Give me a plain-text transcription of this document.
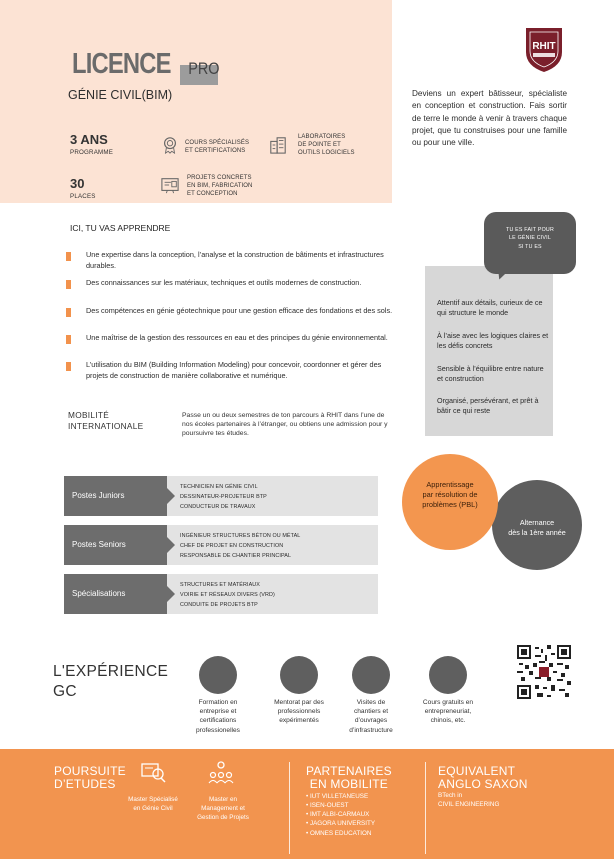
LICENCE	PRO
GÉNIE CIVIL(BIM)
3 ANS
PROGRAMME
30
PLACES
COURS SPÉCIALISÉS
ET CERTIFICATIONS
LABORATOIRES
DE POINTE ET
OUTILS LOGICIELS
PROJETS CONCRETS
EN BIM, FABRICATION
ET CONCEPTION
RHIT
Deviens un expert bâtisseur, spécialiste en conception et construction. Fais sortir de terre le monde à venir à travers chaque projet, que tu construises pour une famille ou pour une ville.
ICI, TU VAS APPRENDRE
Une expertise dans la conception, l’analyse et la construction de bâtiments et infrastructures durables.
Des connaissances sur les matériaux, techniques et outils modernes de construction.
Des compétences en génie géotechnique pour une gestion efficace des fondations et des sols.
Une maîtrise de la gestion des ressources en eau et des principes du génie environnemental.
L’utilisation du BIM (Building Information Modeling) pour concevoir, coordonner et gérer des projets de construction de manière collaborative et numérique.
TU ES FAIT POUR
LE GÉNIE CIVIL
SI TU ES
Attentif aux détails, curieux de ce qui structure le monde
À l’aise avec les logiques claires et les défis concrets
Sensible à l’équilibre entre nature et construction
Organisé, persévérant, et prêt à bâtir ce qui reste
MOBILITÉ
INTERNATIONALE
Passe un ou deux semestres de ton parcours à RHIT dans l’une de nos écoles partenaires à l’étranger, ou obtiens une admission pour y poursuivre tes études.
Postes Juniors
TECHNICIEN EN GÉNIE CIVIL
DESSINATEUR-PROJETEUR BTP
CONDUCTEUR DE TRAVAUX
Postes Seniors
INGÉNIEUR STRUCTURES BÉTON OU MÉTAL
CHEF DE PROJET EN CONSTRUCTION
RESPONSABLE DE CHANTIER PRINCIPAL
Spécialisations
STRUCTURES ET MATÉRIAUX
VOIRIE ET RÉSEAUX DIVERS (VRD)
CONDUITE DE PROJETS BTP
Alternance
dès la 1ère année
Apprentissage
par résolution de
problèmes (PBL)
L'EXPÉRIENCE
GC
Formation en
entreprise et
certifications
professionelles
Mentorat par des
professionnels
expérimentés
Visites de
chantiers et
d’ouvrages
d’infrastructure
Cours gratuits en
entrepreneuriat,
chinois, etc.
POURSUITE
D’ETUDES
Master Spécialisé
en Génie Civil
Master en
Management et
Gestion de Projets
PARTENAIRES
EN MOBILITE
• IUT VILLETANEUSE
• ISEN-OUEST
• IMT ALBI-CARMAUX
• JAGORA UNIVERSITY
• OMNES EDUCATION
EQUIVALENT
ANGLO SAXON
BTech in
CIVIL ENGINEERING
